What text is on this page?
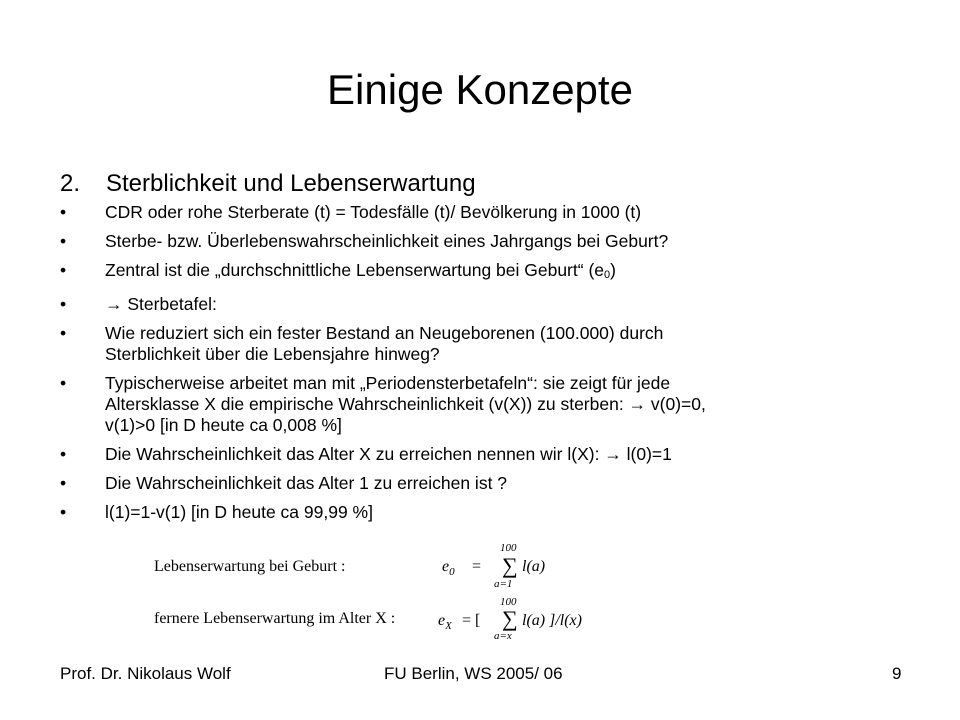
Einige Konzepte
2. Sterblichkeit und Lebenserwartung
• CDR oder rohe Sterberate (t) = Todesfälle (t)/ Bevölkerung in 1000 (t)
• Sterbe- bzw. Überlebenswahrscheinlichkeit eines Jahrgangs bei Geburt?
• Zentral ist die „durchschnittliche Lebenserwartung bei Geburt“ (e0)
• → Sterbetafel:
• Wie reduziert sich ein fester Bestand an Neugeborenen (100.000) durch
Sterblichkeit über die Lebensjahre hinweg?
• Typischerweise arbeitet man mit „Periodensterbetafeln“: sie zeigt für jede
Altersklasse X die empirische Wahrscheinlichkeit (v(X)) zu sterben: → v(0)=0,
v(1)>0 [in D heute ca 0,008 %]
• Die Wahrscheinlichkeit das Alter X zu erreichen nennen wir l(X): → l(0)=1
• Die Wahrscheinlichkeit das Alter 1 zu erreichen ist ?
• l(1)=1-v(1) [in D heute ca 99,99 %]
Lebenserwartung bei Geburt :	$e_0$ =
100
∑
a=1
l(a)
fernere Lebenserwartung im Alter X :	$e_X$ = [
100
∑
a=x
l(a) ]/l(x)
Prof. Dr. Nikolaus Wolf	FU Berlin, WS 2005/ 06	9
